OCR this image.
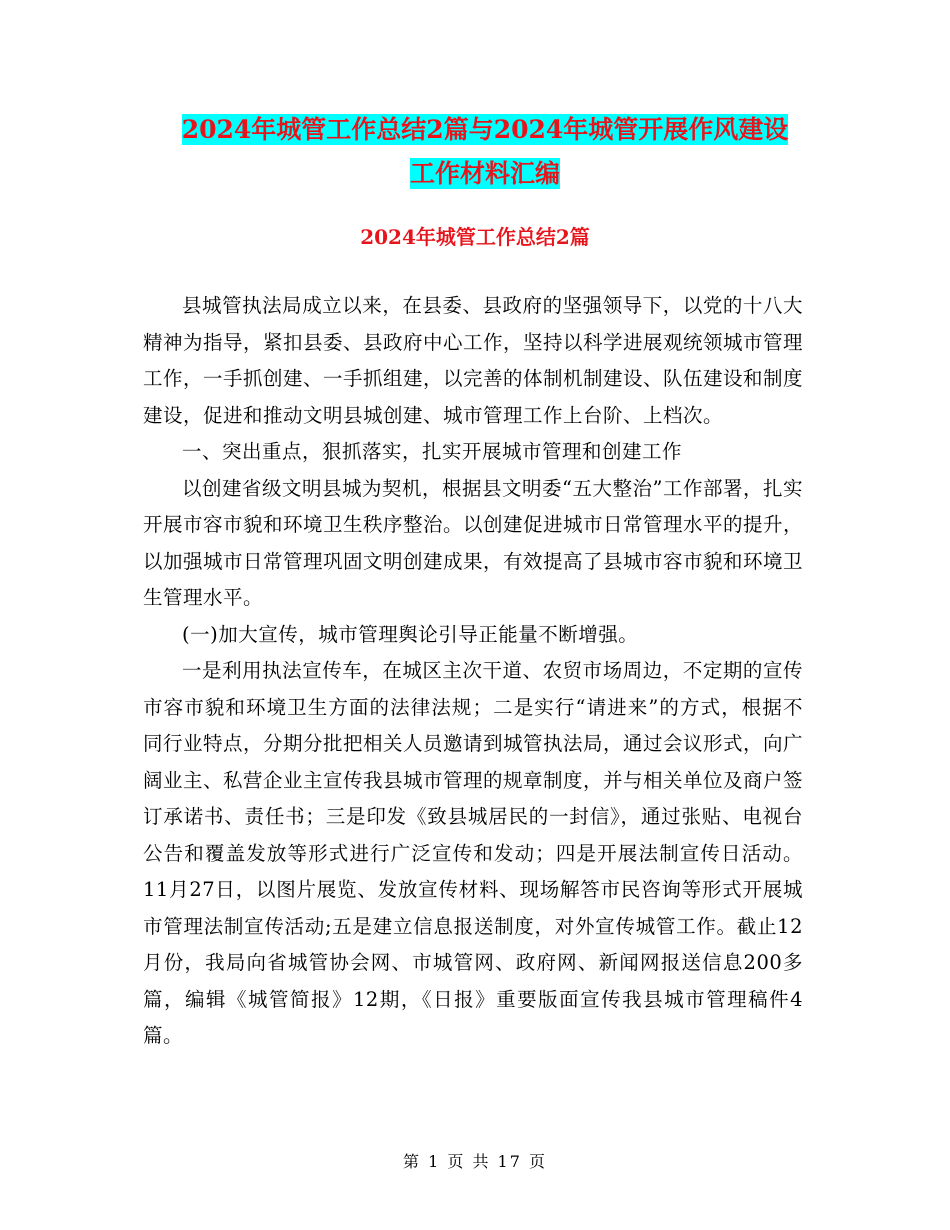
2024年城管工作总结2篇与2024年城管开展作风建设
工作材料汇编
2024年城管工作总结2篇

县城管执法局成立以来，在县委、县政府的坚强领导下，以党的十八大精神为指导，紧扣县委、县政府中心工作，坚持以科学进展观统领城市管理工作，一手抓创建、一手抓组建，以完善的体制机制建设、队伍建设和制度建设，促进和推动文明县城创建、城市管理工作上台阶、上档次。

一、突出重点，狠抓落实，扎实开展城市管理和创建工作

以创建省级文明县城为契机，根据县文明委“五大整治”工作部署，扎实开展市容市貌和环境卫生秩序整治。以创建促进城市日常管理水平的提升，以加强城市日常管理巩固文明创建成果，有效提高了县城市容市貌和环境卫生管理水平。

(一)加大宣传，城市管理舆论引导正能量不断增强。

一是利用执法宣传车，在城区主次干道、农贸市场周边，不定期的宣传市容市貌和环境卫生方面的法律法规；二是实行“请进来”的方式，根据不同行业特点，分期分批把相关人员邀请到城管执法局，通过会议形式，向广阔业主、私营企业主宣传我县城市管理的规章制度，并与相关单位及商户签订承诺书、责任书；三是印发《致县城居民的一封信》，通过张贴、电视台公告和覆盖发放等形式进行广泛宣传和发动；四是开展法制宣传日活动。11月27日，以图片展览、发放宣传材料、现场解答市民咨询等形式开展城市管理法制宣传活动;五是建立信息报送制度，对外宣传城管工作。截止12月份，我局向省城管协会网、市城管网、政府网、新闻网报送信息200多篇，编辑《城管简报》12期，《日报》重要版面宣传我县城市管理稿件4篇。

第 1 页 共 17 页
